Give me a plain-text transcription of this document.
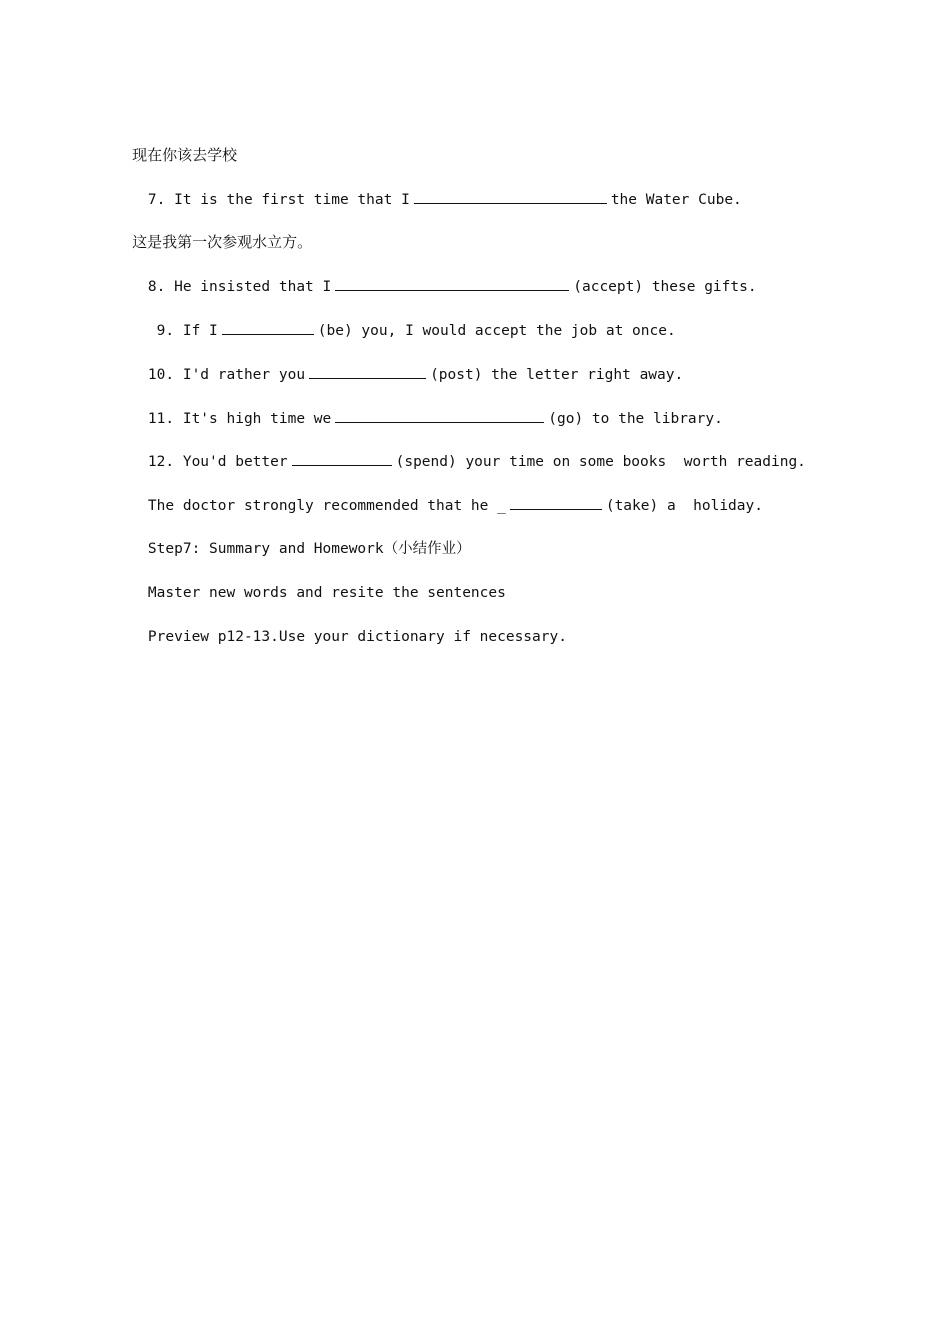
现在你该去学校

7. It is the first time that I	the Water Cube.

这是我第一次参观水立方。

8. He insisted that I	(accept) these gifts.

9. If I	(be) you, I would accept the job at once.

10. I'd rather you	(post) the letter right away.

11. It's high time we	(go) to the library.

12. You'd better	(spend) your time on some books  worth reading.

The doctor strongly recommended that he _	(take) a  holiday.

Step7: Summary and Homework（小结作业）

Master new words and resite the sentences

Preview p12-13.Use your dictionary if necessary.
